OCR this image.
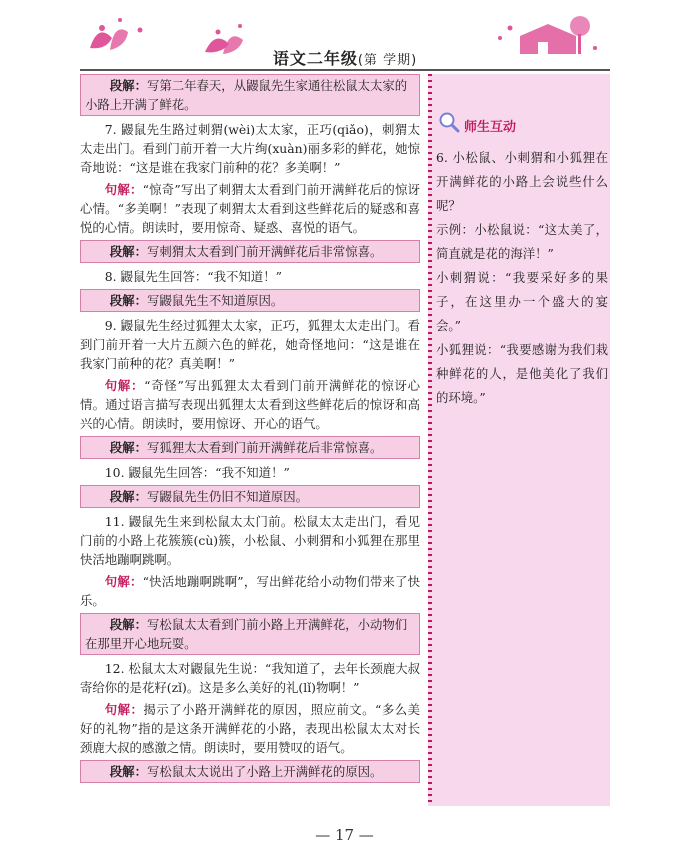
语文二年级(第 学期)
段解：写第二年春天，从鼹鼠先生家通往松鼠太太家的小路上开满了鲜花。
7. 鼹鼠先生路过刺猬(wèi)太太家，正巧(qiǎo)，刺猬太太走出门。看到门前开着一大片绚(xuàn)丽多彩的鲜花，她惊奇地说：“这是谁在我家门前种的花？多美啊！”
句解：“惊奇”写出了刺猬太太看到门前开满鲜花后的惊讶心情。“多美啊！”表现了刺猬太太看到这些鲜花后的疑惑和喜悦的心情。朗读时，要用惊奇、疑惑、喜悦的语气。
段解：写刺猬太太看到门前开满鲜花后非常惊喜。
8. 鼹鼠先生回答：“我不知道！”
段解：写鼹鼠先生不知道原因。
9. 鼹鼠先生经过狐狸太太家，正巧，狐狸太太走出门。看到门前开着一大片五颜六色的鲜花，她奇怪地问：“这是谁在我家门前种的花？真美啊！”
句解：“奇怪”写出狐狸太太看到门前开满鲜花的惊讶心情。通过语言描写表现出狐狸太太看到这些鲜花后的惊讶和高兴的心情。朗读时，要用惊讶、开心的语气。
段解：写狐狸太太看到门前开满鲜花后非常惊喜。
10. 鼹鼠先生回答：“我不知道！”
段解：写鼹鼠先生仍旧不知道原因。
11. 鼹鼠先生来到松鼠太太门前。松鼠太太走出门，看见门前的小路上花簇簇(cù)簇，小松鼠、小刺猬和小狐狸在那里快活地蹦啊跳啊。
句解：“快活地蹦啊跳啊”，写出鲜花给小动物们带来了快乐。
段解：写松鼠太太看到门前小路上开满鲜花，小动物们在那里开心地玩耍。
12. 松鼠太太对鼹鼠先生说：“我知道了，去年长颈鹿大叔寄给你的是花籽(zǐ)。这是多么美好的礼(lǐ)物啊！”
句解：揭示了小路开满鲜花的原因，照应前文。“多么美好的礼物”指的是这条开满鲜花的小路，表现出松鼠太太对长颈鹿大叔的感激之情。朗读时，要用赞叹的语气。
段解：写松鼠太太说出了小路上开满鲜花的原因。
师生互动

6. 小松鼠、小刺猬和小狐狸在开满鲜花的小路上会说些什么呢？

示例：小松鼠说：“这太美了，简直就是花的海洋！”

小刺猬说：“我要采好多的果子，在这里办一个盛大的宴会。”

小狐狸说：“我要感谢为我们栽种鲜花的人，是他美化了我们的环境。”

— 17 —
